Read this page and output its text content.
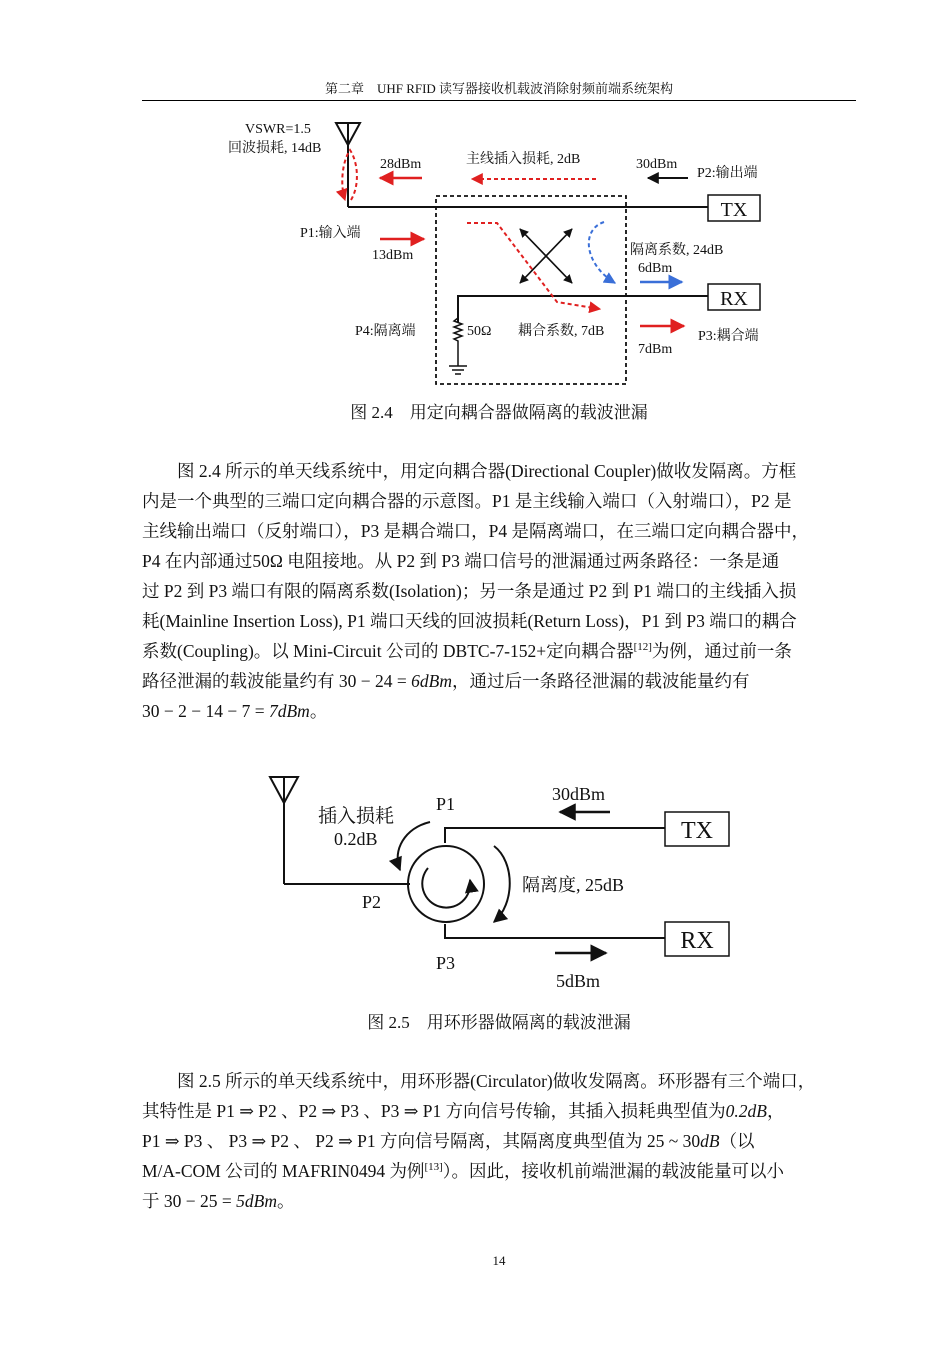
第二章　UHF RFID 读写器接收机载波消除射频前端系统架构
TX
RX
VSWR=1.5
回波损耗, 14dB
28dBm	主线插入损耗, 2dB	30dBm
P2:输出端
P1:输入端
13dBm	隔离系数, 24dB
6dBm
P4:隔离端	50Ω 耦合系数, 7dB	P3:耦合端
7dBm
图 2.4　用定向耦合器做隔离的载波泄漏

图 2.4 所示的单天线系统中，用定向耦合器(Directional Coupler)做收发隔离。方框

内是一个典型的三端口定向耦合器的示意图。P1 是主线输入端口（入射端口），P2 是
主线输出端口（反射端口），P3 是耦合端口，P4 是隔离端口，在三端口定向耦合器中，
P4 在内部通过50Ω 电阻接地。从 P2 到 P3 端口信号的泄漏通过两条路径：一条是通
过 P2 到 P3 端口有限的隔离系数(Isolation)；另一条是通过 P2 到 P1 端口的主线插入损
耗(Mainline Insertion Loss), P1 端口天线的回波损耗(Return Loss)，P1 到 P3 端口的耦合
系数(Coupling)。以 Mini-Circuit 公司的 DBTC-7-152+定向耦合器[12]为例，通过前一条
路径泄漏的载波能量约有 30 − 24 = 6dBm，通过后一条路径泄漏的载波能量约有
30 − 2 − 14 − 7 = 7dBm。
TX
RX
插入损耗
0.2dB
P1	30dBm
隔离度, 25dB
P2
P3
5dBm
图 2.5　用环形器做隔离的载波泄漏

图 2.5 所示的单天线系统中，用环形器(Circulator)做收发隔离。环形器有三个端口，

其特性是 P1 ⇒ P2 、P2 ⇒ P3 、P3 ⇒ P1 方向信号传输，其插入损耗典型值为0.2dB，
P1 ⇒ P3 、 P3 ⇒ P2 、 P2 ⇒ P1 方向信号隔离，其隔离度典型值为 25 ~ 30dB（以
M/A-COM 公司的 MAFRIN0494 为例[13]）。因此，接收机前端泄漏的载波能量可以小
于 30 − 25 = 5dBm。
14
